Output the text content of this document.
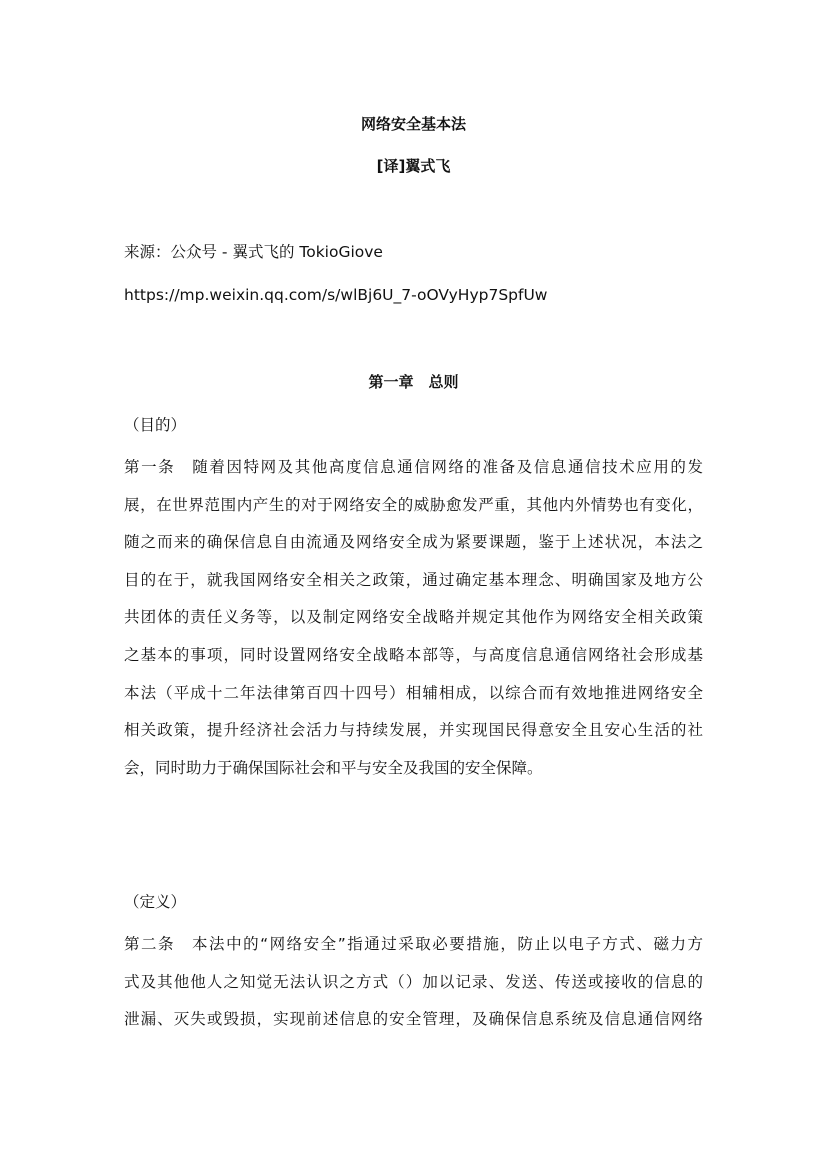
网络安全基本法
[译]翼式飞
来源：公众号 - 翼式飞的 TokioGiove
https://mp.weixin.qq.com/s/wlBj6U_7-oOVyHyp7SpfUw
第一章　总则
（目的）
第一条　随着因特网及其他高度信息通信网络的准备及信息通信技术应用的发
展，在世界范围内产生的对于网络安全的威胁愈发严重，其他内外情势也有变化，
随之而来的确保信息自由流通及网络安全成为紧要课题，鉴于上述状况，本法之
目的在于，就我国网络安全相关之政策，通过确定基本理念、明确国家及地方公
共团体的责任义务等，以及制定网络安全战略并规定其他作为网络安全相关政策
之基本的事项，同时设置网络安全战略本部等，与高度信息通信网络社会形成基
本法（平成十二年法律第百四十四号）相辅相成，以综合而有效地推进网络安全
相关政策，提升经济社会活力与持续发展，并实现国民得意安全且安心生活的社
会，同时助力于确保国际社会和平与安全及我国的安全保障。
（定义）
第二条　本法中的“网络安全”指通过采取必要措施，防止以电子方式、磁力方
式及其他他人之知觉无法认识之方式（）加以记录、发送、传送或接收的信息的
泄漏、灭失或毁损，实现前述信息的安全管理，及确保信息系统及信息通信网络
